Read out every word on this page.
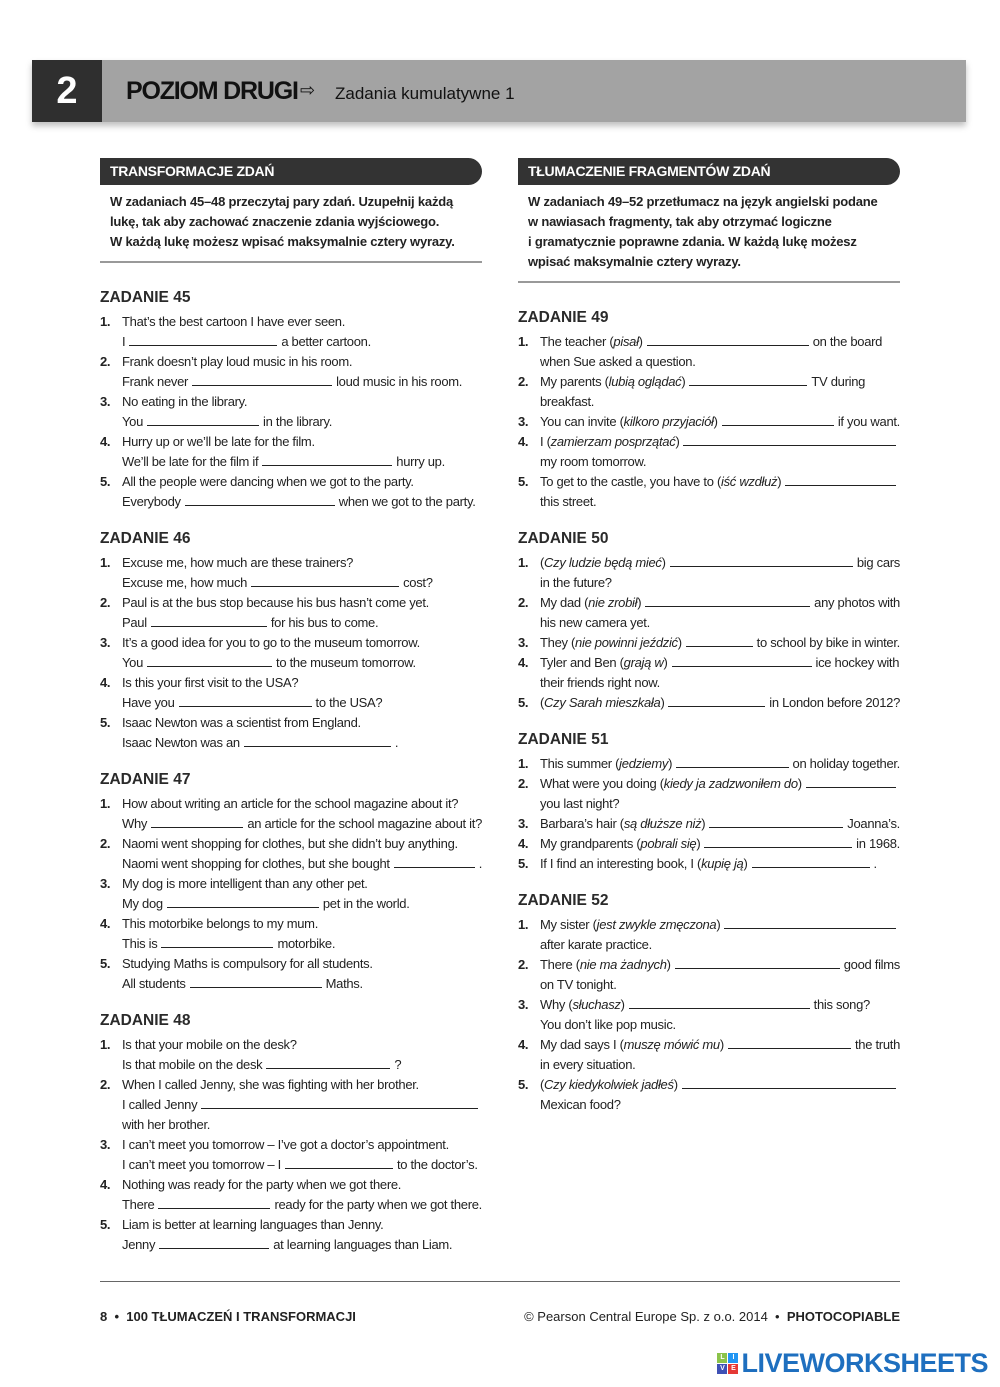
2	POZIOM DRUGI ⇨ Zadania kumulatywne 1
TRANSFORMACJE ZDAŃ
W zadaniach 45–48 przeczytaj pary zdań. Uzupełnij każdą
lukę, tak aby zachować znaczenie zdania wyjściowego.
W każdą lukę możesz wpisać maksymalnie cztery wyrazy.
ZADANIE 45
1. That’s the best cartoon I have ever seen.
I	a better cartoon.
2. Frank doesn’t play loud music in his room.
Frank never	loud music in his room.
3. No eating in the library.
You	in the library.
4. Hurry up or we’ll be late for the film.
We’ll be late for the film if	hurry up.
5. All the people were dancing when we got to the party.
Everybody	when we got to the party.
ZADANIE 46
1. Excuse me, how much are these trainers?
Excuse me, how much	cost?
2. Paul is at the bus stop because his bus hasn’t come yet.
Paul	for his bus to come.
3. It’s a good idea for you to go to the museum tomorrow.
You	to the museum tomorrow.
4. Is this your first visit to the USA?
Have you	to the USA?
5. Isaac Newton was a scientist from England.
Isaac Newton was an	.
ZADANIE 47
1. How about writing an article for the school magazine about it?
Why	an article for the school magazine about it?
2. Naomi went shopping for clothes, but she didn’t buy anything.
Naomi went shopping for clothes, but she bought	.
3. My dog is more intelligent than any other pet.
My dog	pet in the world.
4. This motorbike belongs to my mum.
This is	motorbike.
5. Studying Maths is compulsory for all students.
All students	Maths.
ZADANIE 48
1. Is that your mobile on the desk?
Is that mobile on the desk	?
2. When I called Jenny, she was fighting with her brother.
I called Jenny
with her brother.
3. I can’t meet you tomorrow – I’ve got a doctor’s appointment.
I can’t meet you tomorrow – I	to the doctor’s.
4. Nothing was ready for the party when we got there.
There	ready for the party when we got there.
5. Liam is better at learning languages than Jenny.
Jenny	at learning languages than Liam.
TŁUMACZENIE FRAGMENTÓW ZDAŃ
W zadaniach 49–52 przetłumacz na język angielski podane
w nawiasach fragmenty, tak aby otrzymać logiczne
i gramatycznie poprawne zdania. W każdą lukę możesz
wpisać maksymalnie cztery wyrazy.
ZADANIE 49
1. The teacher ( pisał )	on the board
when Sue asked a question.
2. My parents ( lubią oglądać )	TV during
breakfast.
3. You can invite ( kilkoro przyjaciół )	if you want.
4. I ( zamierzam posprzątać )
my room tomorrow.
5. To get to the castle, you have to ( iść wzdłuż )
this street.
ZADANIE 50
1. ( Czy ludzie będą mieć )	big cars
in the future?
2. My dad ( nie zrobił )	any photos with
his new camera yet.
3. They ( nie powinni jeździć )	to school by bike in winter.
4. Tyler and Ben ( grają w )	ice hockey with
their friends right now.
5. ( Czy Sarah mieszkała )	in London before 2012?
ZADANIE 51
1. This summer ( jedziemy )	on holiday together.
2. What were you doing ( kiedy ja zadzwoniłem do )
you last night?
3. Barbara’s hair ( są dłuższe niż )	Joanna’s.
4. My grandparents ( pobrali się )	in 1968.
5. If I find an interesting book, I ( kupię ją )	.
ZADANIE 52
1. My sister ( jest zwykle zmęczona )
after karate practice.
2. There ( nie ma żadnych )	good films
on TV tonight.
3. Why ( słuchasz )	this song?
You don’t like pop music.
4. My dad says I ( muszę mówić mu )	the truth
in every situation.
5. ( Czy kiedykolwiek jadłeś )
Mexican food?
8  •  100 TŁUMACZEŃ I TRANSFORMACJI	© Pearson Central Europe Sp. z o.o. 2014  •  PHOTOCOPIABLE
L	I
V E LIVEWORKSHEETS
